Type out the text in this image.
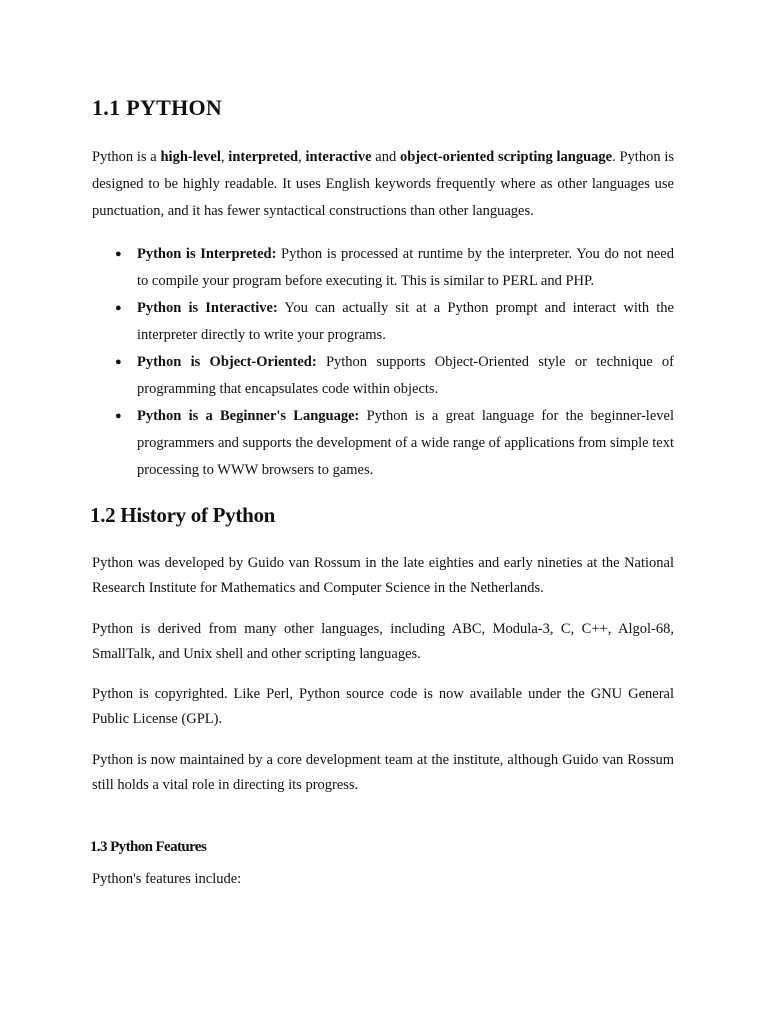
1.1 PYTHON

Python is a high-level, interpreted, interactive and object-oriented scripting language. Python is designed to be highly readable. It uses English keywords frequently where as other languages use punctuation, and it has fewer syntactical constructions than other languages.

● Python is Interpreted: Python is processed at runtime by the interpreter. You do not need to compile your program before executing it. This is similar to PERL and PHP.
● Python is Interactive: You can actually sit at a Python prompt and interact with the interpreter directly to write your programs.
● Python is Object-Oriented: Python supports Object-Oriented style or technique of programming that encapsulates code within objects.
● Python is a Beginner's Language: Python is a great language for the beginner-level programmers and supports the development of a wide range of applications from simple text processing to WWW browsers to games.
1.2 History of Python

Python was developed by Guido van Rossum in the late eighties and early nineties at the National Research Institute for Mathematics and Computer Science in the Netherlands.

Python is derived from many other languages, including ABC, Modula-3, C, C++, Algol-68, SmallTalk, and Unix shell and other scripting languages.

Python is copyrighted. Like Perl, Python source code is now available under the GNU General Public License (GPL).

Python is now maintained by a core development team at the institute, although Guido van Rossum still holds a vital role in directing its progress.

1.3 Python Features

Python's features include:
